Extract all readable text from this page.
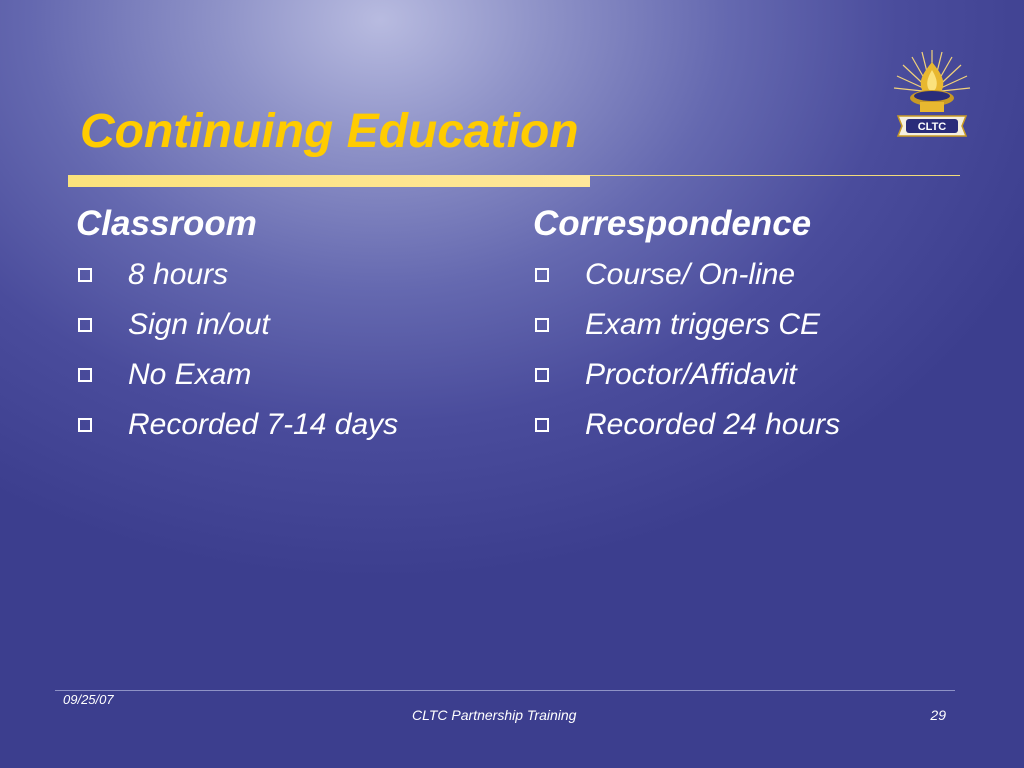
Continuing Education	CLTC
Classroom
8 hours
Sign in/out
No Exam
Recorded 7-14 days
Correspondence
Course/ On-line
Exam triggers CE
Proctor/Affidavit
Recorded 24 hours
09/25/07
CLTC Partnership Training	29
